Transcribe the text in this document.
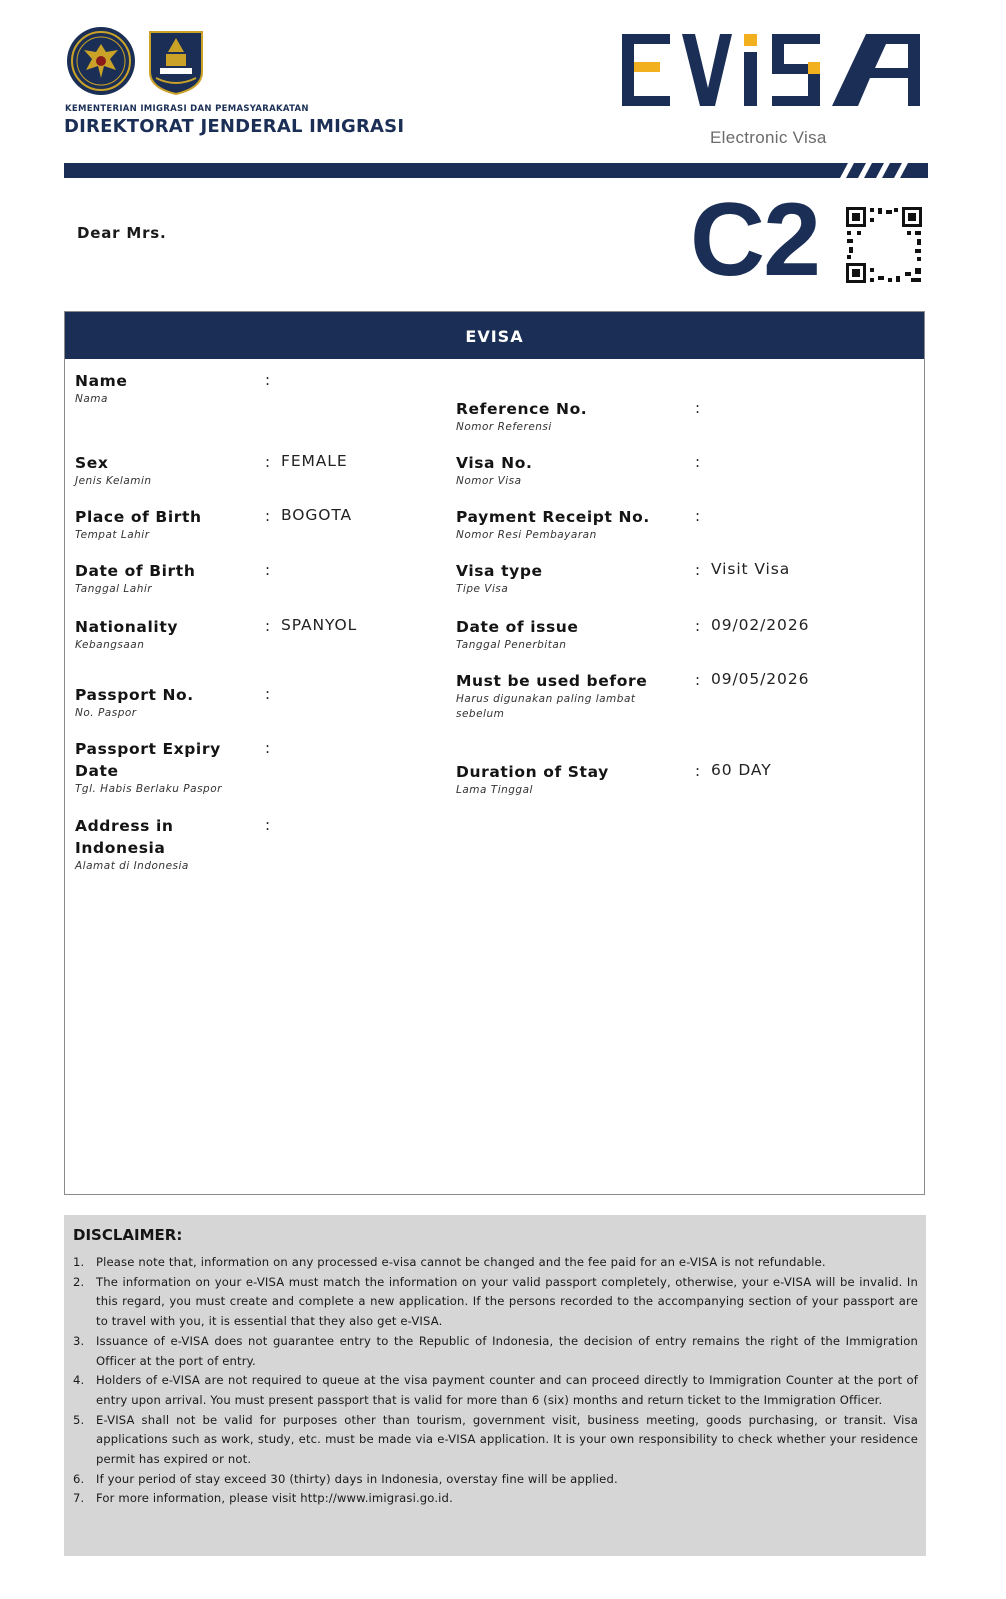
KEMENTERIAN IMIGRASI DAN PEMASYARAKATAN
DIREKTORAT JENDERAL IMIGRASI
Electronic Visa
Dear Mrs.	C2
EVISA
Name
Nama
:
Sex
Jenis Kelamin
: FEMALE
Place of Birth
Tempat Lahir
: BOGOTA
Date of Birth
Tanggal Lahir
:
Nationality
Kebangsaan
: SPANYOL
Passport No.
No. Paspor
:
Passport Expiry Date
Tgl. Habis Berlaku Paspor
:
Address in Indonesia
Alamat di Indonesia
:
Reference No.
Nomor Referensi
:
Visa No.
Nomor Visa
:
Payment Receipt No.
Nomor Resi Pembayaran
:
Visa type
Tipe Visa
: Visit Visa
Date of issue
Tanggal Penerbitan
: 09/02/2026
Must be used before
Harus digunakan paling lambat sebelum
: 09/05/2026
Duration of Stay
Lama Tinggal
: 60 DAY
DISCLAIMER:
1. Please note that, information on any processed e-visa cannot be changed and the fee paid for an e-VISA is not refundable.
2. The information on your e-VISA must match the information on your valid passport completely, otherwise, your e-VISA will be invalid. In this regard, you must create and complete a new application. If the persons recorded to the accompanying section of your passport are to travel with you, it is essential that they also get e-VISA.
3. Issuance of e-VISA does not guarantee entry to the Republic of Indonesia, the decision of entry remains the right of the Immigration Officer at the port of entry.
4. Holders of e-VISA are not required to queue at the visa payment counter and can proceed directly to Immigration Counter at the port of entry upon arrival. You must present passport that is valid for more than 6 (six) months and return ticket to the Immigration Officer.
5. E-VISA shall not be valid for purposes other than tourism, government visit, business meeting, goods purchasing, or transit. Visa applications such as work, study, etc. must be made via e-VISA application. It is your own responsibility to check whether your residence permit has expired or not.
6. If your period of stay exceed 30 (thirty) days in Indonesia, overstay fine will be applied.
7. For more information, please visit http://www.imigrasi.go.id.
